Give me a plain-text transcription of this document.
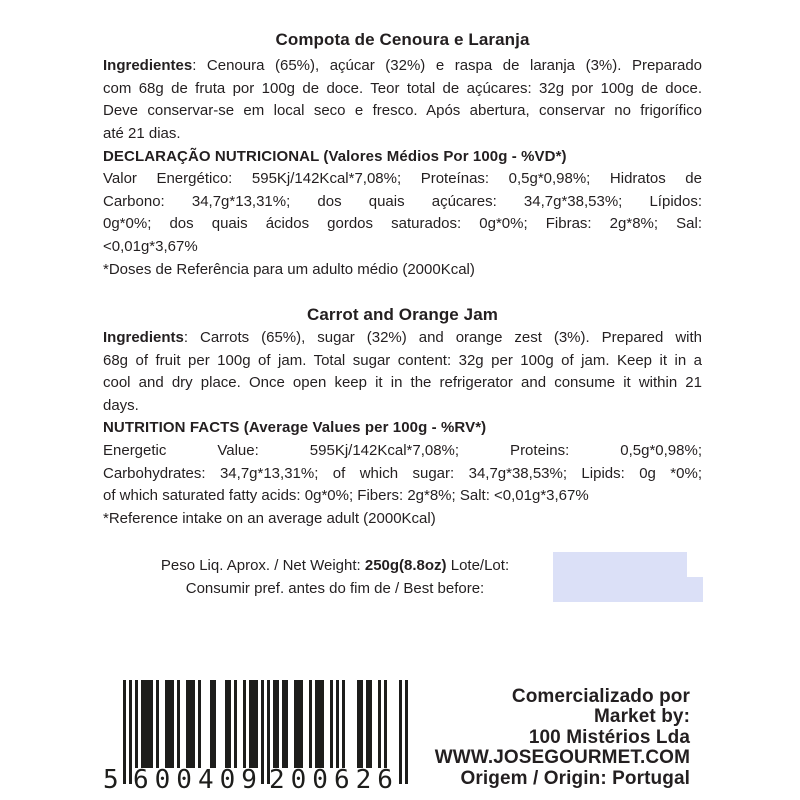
Compota de Cenoura e Laranja
Ingredientes: Cenoura (65%), açúcar (32%) e raspa de laranja (3%). Preparado
com 68g de fruta por 100g de doce. Teor total de açúcares: 32g por 100g de doce.
Deve conservar-se em local seco e fresco. Após abertura, conservar no frigorífico
até 21 dias.
DECLARAÇÃO NUTRICIONAL (Valores Médios Por 100g - %VD*)
Valor Energético: 595Kj/142Kcal*7,08%; Proteínas: 0,5g*0,98%; Hidratos de
Carbono: 34,7g*13,31%; dos quais açúcares: 34,7g*38,53%; Lípidos:
0g*0%; dos quais ácidos gordos saturados: 0g*0%; Fibras: 2g*8%; Sal:
<0,01g*3,67%
*Doses de Referência para um adulto médio (2000Kcal)
Carrot and Orange Jam
Ingredients: Carrots (65%), sugar (32%) and orange zest (3%). Prepared with
68g of fruit per 100g of jam. Total sugar content: 32g per 100g of jam. Keep it in a
cool and dry place. Once open keep it in the refrigerator and consume it within 21
days.
NUTRITION FACTS (Average Values per 100g - %RV*)
Energetic Value: 595Kj/142Kcal*7,08%; Proteins: 0,5g*0,98%;
Carbohydrates: 34,7g*13,31%; of which sugar: 34,7g*38,53%; Lipids: 0g *0%;
of which saturated fatty acids: 0g*0%; Fibers: 2g*8%; Salt: <0,01g*3,67%
*Reference intake on an average adult (2000Kcal)
Peso Liq. Aprox. / Net Weight: 250g(8.8oz) Lote/Lot:
Consumir pref. antes do fim de / Best before:
5 600409 200626
Comercializado por
Market by:
100 Mistérios Lda
WWW.JOSEGOURMET.COM
Origem / Origin: Portugal
